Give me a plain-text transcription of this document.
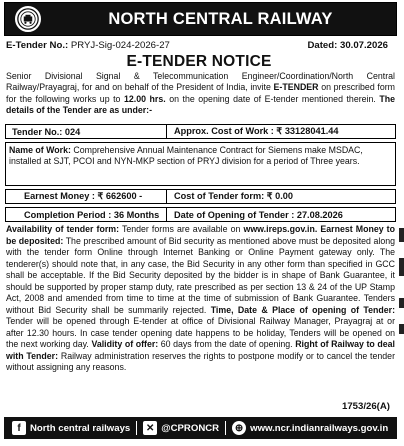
NORTH CENTRAL RAILWAY
E-Tender No.: PRYJ-Sig-024-2026-27	Dated: 30.07.2026
E-TENDER NOTICE
Senior Divisional Signal & Telecommunication Engineer/Coordination/North Central Railway/Prayagraj, for and on behalf of the President of India, invite E-TENDER on prescribed form for the following works up to 12.00 hrs. on the opening date of E-tender mentioned therein. The details of the Tender are as under:-
Tender No.: 024	Approx. Cost of Work : ₹ 33128041.44
Name of Work: Comprehensive Annual Maintenance Contract for Siemens make MSDAC, installed at SJT, PCOI and NYN-MKP section of PRYJ division for a period of Three years.
Earnest Money : ₹ 662600 -	Cost of Tender form: ₹ 0.00
Completion Period : 36 Months Date of Opening of Tender : 27.08.2026
Availability of tender form: Tender forms are available on www.ireps.gov.in. Earnest Money to be deposited: The prescribed amount of Bid security as mentioned above must be deposited along with the tender form Online through Internet Banking or Online Payment gateway only. The tenderer(s) should note that, in any case, the Bid Security in any other form than specified in GCC shall be acceptable. If the Bid Security deposited by the bidder is in shape of Bank Guarantee, it should be supported by proper stamp duty, rate prescribed as per section 13 & 24 of the UP Stamp Act, 2008 and amended from time to time at the time of submission of Bank Guarantee. Tenders without Bid Security shall be summarily rejected. Time, Date & Place of opening of Tender: Tender will be opened through E-tender at office of Divisional Railway Manager, Prayagraj at or after 12.30 hours. In case tender opening date happens to be holiday, Tenders will be opened on the next working day. Validity of offer: 60 days from the date of opening. Right of Railway to deal with Tender: Railway administration reserves the rights to postpone modify or to cancel the tender without assigning any reasons.
1753/26(A)
f North central railways ✕ @CPRONCR ⊕ www.ncr.indianrailways.gov.in
